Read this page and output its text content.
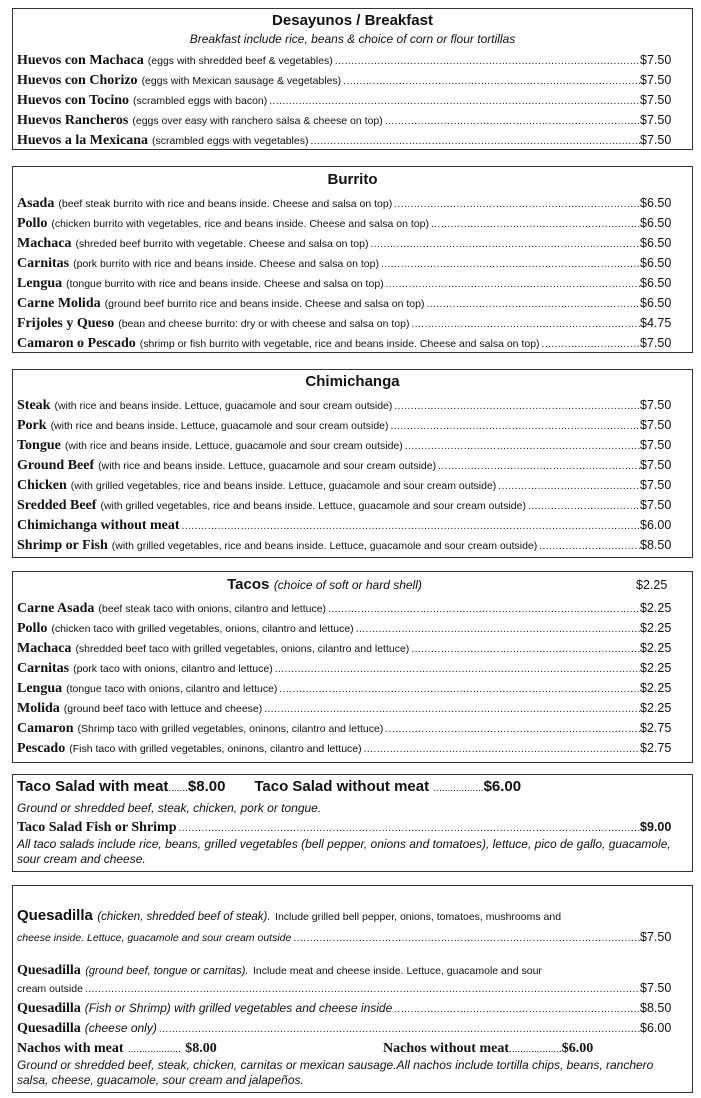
Desayunos / Breakfast
Breakfast include rice, beans & choice of corn or flour tortillas
Huevos con Machaca (eggs with shredded beef & vegetables) .....	$7.50
Huevos con Chorizo (eggs with Mexican sausage & vegetables) .....	$7.50
Huevos con Tocino (scrambled eggs with bacon) .....	$7.50
Huevos Rancheros (eggs over easy with ranchero salsa & cheese on top) .....	$7.50
Huevos a la Mexicana (scrambled eggs with vegetables) .....	$7.50
Burrito
Asada (beef steak burrito with rice and beans inside. Cheese and salsa on top) .....	$6.50
Pollo (chicken burrito with vegetables, rice and beans inside. Cheese and salsa on top) .....	$6.50
Machaca (shreded beef burrito with vegetable. Cheese and salsa on top) .....	$6.50
Carnitas (pork burrito with rice and beans inside. Cheese and salsa on top) .....	$6.50
Lengua (tongue burrito with rice and beans inside. Cheese and salsa on top) .....	$6.50
Carne Molida (ground beef burrito rice and beans inside. Cheese and salsa on top) .....	$6.50
Frijoles y Queso (bean and cheese burrito: dry or with cheese and salsa on top) .....	$4.75
Camaron o Pescado (shrimp or fish burrito with vegetable, rice and beans inside. Cheese and salsa on top) .....	$7.50
Chimichanga
Steak (with rice and beans inside. Lettuce, guacamole and sour cream outside) .....	$7.50
Pork (with rice and beans inside. Lettuce, guacamole and sour cream outside) .....	$7.50
Tongue (with rice and beans inside. Lettuce, guacamole and sour cream outside) .....	$7.50
Ground Beef (with rice and beans inside. Lettuce, guacamole and sour cream outside) .....	$7.50
Chicken (with grilled vegetables, rice and beans inside. Lettuce, guacamole and sour cream outside) .....	$7.50
Sredded Beef (with grilled vegetables, rice and beans inside. Lettuce, guacamole and sour cream outside) .....	$7.50
Chimichanga without meat .....	$6.00
Shrimp or Fish (with grilled vegetables, rice and beans inside. Lettuce, guacamole and sour cream outside) .....	$8.50
Tacos (choice of soft or hard shell)	$2.25
Carne Asada (beef steak taco with onions, cilantro and lettuce) .....	$2.25
Pollo (chicken taco with grilled vegetables, onions, cilantro and lettuce) .....	$2.25
Machaca (shredded beef taco with grilled vegetables, onions, cilantro and lettuce) .....	$2.25
Carnitas (pork taco with onions, cilantro and lettuce) .....	$2.25
Lengua (tongue taco with onions, cilantro and lettuce) .....	$2.25
Molida (ground beef taco with lettuce and cheese) .....	$2.25
Camaron (Shrimp taco with grilled vegetables, oninons, cilantro and lettuce) .....	$2.75
Pescado (Fish taco with grilled vegetables, oninons, cilantro and lettuce) .....	$2.75
Taco Salad with meat.......$8.00 Taco Salad without meat ..................$6.00
Ground or shredded beef, steak, chicken, pork or tongue.
Taco Salad Fish or Shrimp .....	$9.00
All taco salads include rice, beans, grilled vegetables (bell pepper, onions and tomatoes), lettuce, pico de gallo, guacamole, sour cream and cheese.
Quesadilla (chicken, shredded beef of steak). Include grilled bell pepper, onions, tomatoes, mushrooms and
cheese inside. Lettuce, guacamole and sour cream outside .....	$7.50
Quesadilla (ground beef, tongue or carnitas). Include meat and cheese inside. Lettuce, guacamole and sour
cream outside .....	$7.50
Quesadilla (Fish or Shrimp) with grilled vegetables and cheese inside .....	$8.50
Quesadilla (cheese only) .....	$6.00
Nachos with meat ................... $8.00	Nachos without meat...................$6.00
Ground or shredded beef, steak, chicken, carnitas or mexican sausage.All nachos include tortilla chips, beans, ranchero salsa, cheese, guacamole, sour cream and jalapeños.
